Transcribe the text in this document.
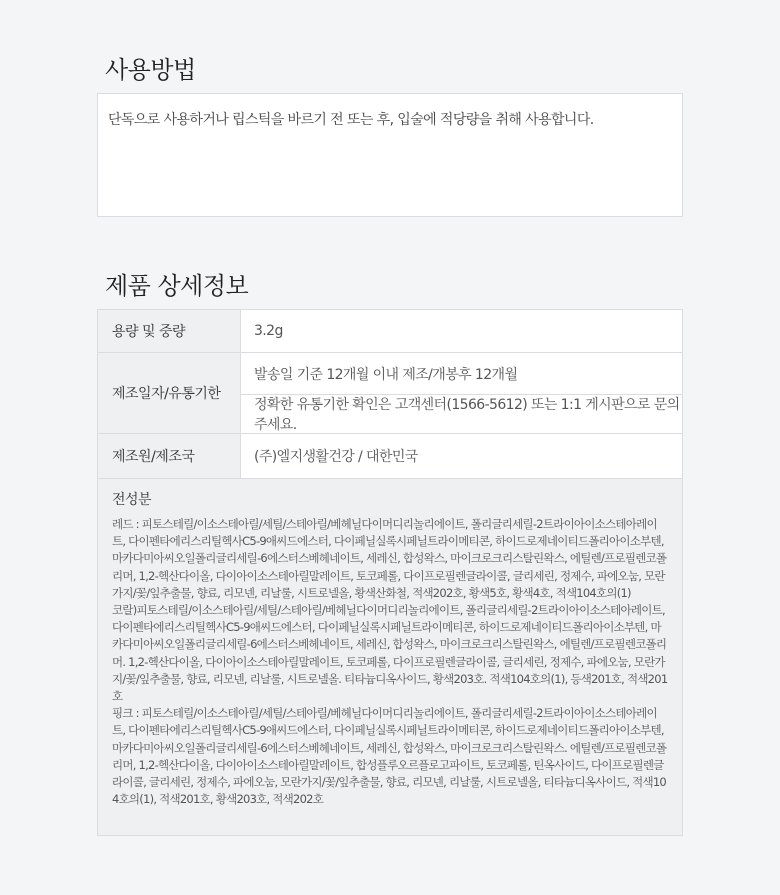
사용방법

단독으로 사용하거나 립스틱을 바르기 전 또는 후, 입술에 적당량을 취해 사용합니다.

제품 상세정보
용량 및 중량	3.2g
제조일자/유통기한
발송일 기준 12개월 이내 제조/개봉후 12개월
정확한 유통기한 확인은 고객센터(1566-5612) 또는 1:1 게시판으로 문의주세요.
제조원/제조국	(주)엘지생활건강 / 대한민국
전성분

레드 : 피토스테릴/이소스테아릴/세틸/스테아릴/베헤닐다이머디리놀리에이트, 폴리글리세릴-2트라이아이소스테아레이트, 다이펜타에리스리틸헥사C5-9애씨드에스터, 다이페닐실록시페닐트라이메티콘, 하이드로제네이티드폴리아이소부텐, 마카다미아씨오일폴리글리세릴-6에스터스베헤네이트, 세레신, 합성왁스, 마이크로크리스탈린왁스, 에틸렌/프로필렌코폴리머, 1,2-헥산다이올, 다이아이소스테아릴말레이트, 토코페롤, 다이프로필렌글라이콜, 글리세린, 정제수, 파에오눔, 모란가지/꽃/잎추출물, 향료, 리모넨, 리날룰, 시트로넬올, 황색산화철, 적색202호, 황색5호, 황색4호, 적색104호의(1)

코랄)피토스테릴/이소스테아릴/세틸/스테아릴/베헤닐다이머디리놀리에이트, 폴리글리세릴-2트라이아이소스테아레이트, 다이펜타에리스리틸헥사C5-9애씨드에스터, 다이페닐실록시페닐트라이메티콘, 하이드로제네이티드폴리아이소부텐, 마카다미아씨오일폴리글리세릴-6에스터스베헤네이트, 세레신, 합성왁스, 마이크로크리스탈린왁스, 에틸렌/프로필렌코폴리머. 1,2-헥산다이올, 다이아이소스테아릴말레이트, 토코페롤, 다이프로필렌글라이콜, 글리세린, 정제수, 파에오눔, 모란가지/꽃/잎추출물, 향료, 리모넨, 리날룰, 시트로넬올. 티타늄디옥사이드, 황색203호. 적색104호의(1), 등색201호, 적색201호

핑크 : 피토스테릴/이소스테아릴/세틸/스테아릴/베헤닐다이머디리놀리에이트, 폴리글리세릴-2트라이아이소스테아레이트, 다이펜타에리스리틸헥사C5-9애씨드에스터, 다이페닐실록시페닐트라이메티콘, 하이드로제네이티드폴리아이소부텐, 마카다미아씨오일폴리글리세릴-6에스터스베헤네이트, 세레신, 합성왁스, 마이크로크리스탈린왁스. 에틸렌/프로필렌코폴리머, 1,2-헥산다이올, 다이아이소스테아릴말레이트, 합성플루오르플로고파이트, 토코페롤, 틴옥사이드, 다이프로필렌글라이콜, 글리세린, 정제수, 파에오눔, 모란가지/꽃/잎추출물, 향료, 리모넨, 리날룰, 시트로넬올, 티타늄디옥사이드, 적색104호의(1), 적색201호, 황색203호, 적색202호
